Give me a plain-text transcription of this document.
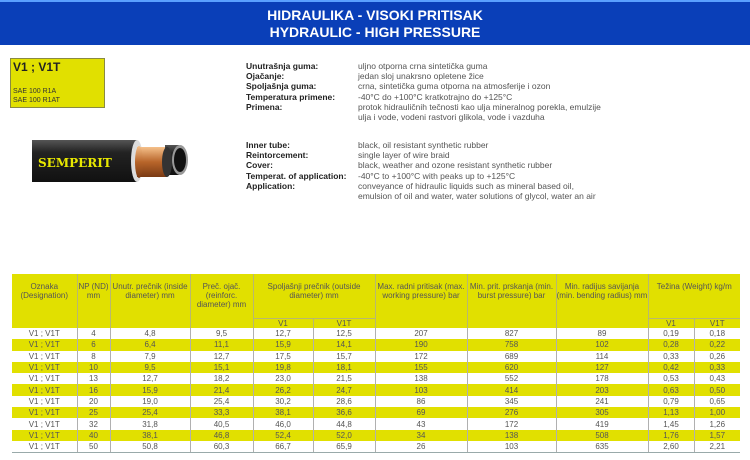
HIDRAULIKA - VISOKI PRITISAK
HYDRAULIC - HIGH PRESSURE
V1 ; V1T
SAE 100 R1A
SAE 100 R1AT
SEMPERIT
Unutrašnja guma:	uljno otporna crna sintetička guma
Ojačanje:	jedan sloj unakrsno opletene žice
Spoljašnja guma:	crna, sintetička guma otporna na atmosferije i ozon
Temperatura primene:	-40°C do +100°C kratkotrajno do +125°C
Primena:	protok hidrauličnih tečnosti kao ulja mineralnog porekla, emulzije ulja i vode, vodeni rastvori glikola, vode i vazduha
Inner tube:	black, oil resistant synthetic rubber
Reintorcement:	single layer of wire braid
Cover:	black, weather and ozone resistant synthetic rubber
Temperat. of application:	-40°C to +100°C with peaks up to +125°C
Application:	conveyance of hidraulic liquids such as mineral based oil, emulsion of oil and water, water solutions of glycol, water an air
Oznaka (Designation)	NP (ND) mm	Unutr. prečnik (inside diameter) mm	Preč. ojač. (reinforc. diameter) mm	Spoljašnji prečnik (outside diameter) mm		Max. radni pritisak (max. working pressure) bar	Min. prit. prskanja (min. burst pressure) bar	Min. radijus savijanja (min. bending radius) mm	Težina (Weight) kg/m	
				V1	V1T				V1	V1T
V1 ; V1T	4	4,8	9,5	12,7	12,5	207	827	89	0,19	0,18
V1 ; V1T	6	6,4	11,1	15,9	14,1	190	758	102	0,28	0,22
V1 ; V1T	8	7,9	12,7	17,5	15,7	172	689	114	0,33	0,26
V1 ; V1T	10	9,5	15,1	19,8	18,1	155	620	127	0,42	0,33
V1 ; V1T	13	12,7	18,2	23,0	21,5	138	552	178	0,53	0,43
V1 ; V1T	16	15,9	21,4	26,2	24,7	103	414	203	0,63	0,50
V1 ; V1T	20	19,0	25,4	30,2	28,6	86	345	241	0,79	0,65
V1 ; V1T	25	25,4	33,3	38,1	36,6	69	276	305	1,13	1,00
V1 ; V1T	32	31,8	40,5	46,0	44,8	43	172	419	1,45	1,26
V1 ; V1T	40	38,1	46,8	52,4	52,0	34	138	508	1,76	1,57
V1 ; V1T	50	50,8	60,3	66,7	65,9	26	103	635	2,60	2,21
